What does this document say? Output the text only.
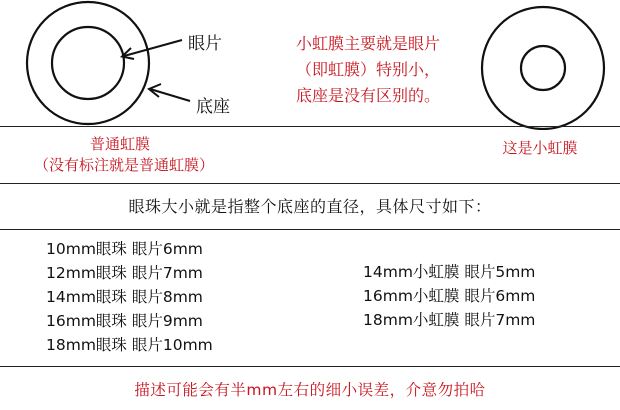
眼片
底座
小虹膜主要就是眼片
（即虹膜）特别小，
底座是没有区别的。
普通虹膜
（没有标注就是普通虹膜）
这是小虹膜
眼珠大小就是指整个底座的直径，具体尺寸如下：
10mm眼珠 眼片6mm
12mm眼珠 眼片7mm
14mm眼珠 眼片8mm
16mm眼珠 眼片9mm
18mm眼珠 眼片10mm
14mm小虹膜 眼片5mm
16mm小虹膜 眼片6mm
18mm小虹膜 眼片7mm
描述可能会有半mm左右的细小误差，介意勿拍哈
